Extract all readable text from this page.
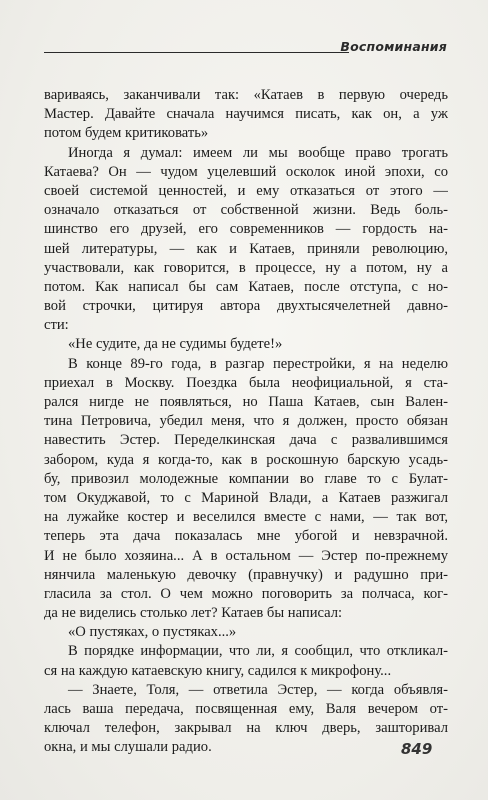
Воспоминания
вариваясь, заканчивали так: «Катаев в первую очередь
Мастер. Давайте сначала научимся писать, как он, а уж
потом будем критиковать»
Иногда я думал: имеем ли мы вообще право трогать
Катаева? Он — чудом уцелевший осколок иной эпохи, со
своей системой ценностей, и ему отказаться от этого —
означало отказаться от собственной жизни. Ведь боль-
шинство его друзей, его современников — гордость на-
шей литературы, — как и Катаев, приняли революцию,
участвовали, как говорится, в процессе, ну а потом, ну а
потом. Как написал бы сам Катаев, после отступа, с но-
вой строчки, цитируя автора двухтысячелетней давно-
сти:
«Не судите, да не судимы будете!»
В конце 89-го года, в разгар перестройки, я на неделю
приехал в Москву. Поездка была неофициальной, я ста-
рался нигде не появляться, но Паша Катаев, сын Вален-
тина Петровича, убедил меня, что я должен, просто обязан
навестить Эстер. Переделкинская дача с развалившимся
забором, куда я когда-то, как в роскошную барскую усадь-
бу, привозил молодежные компании во главе то с Булат-
том Окуджавой, то с Мариной Влади, а Катаев разжигал
на лужайке костер и веселился вместе с нами, — так вот,
теперь эта дача показалась мне убогой и невзрачной.
И не было хозяина... А в остальном — Эстер по-прежнему
нянчила маленькую девочку (правнучку) и радушно при-
гласила за стол. О чем можно поговорить за полчаса, ког-
да не виделись столько лет? Катаев бы написал:
«О пустяках, о пустяках...»
В порядке информации, что ли, я сообщил, что откликал-
ся на каждую катаевскую книгу, садился к микрофону...
— Знаете, Толя, — ответила Эстер, — когда объявля-
лась ваша передача, посвященная ему, Валя вечером от-
ключал телефон, закрывал на ключ дверь, зашторивал
окна, и мы слушали радио.	849
